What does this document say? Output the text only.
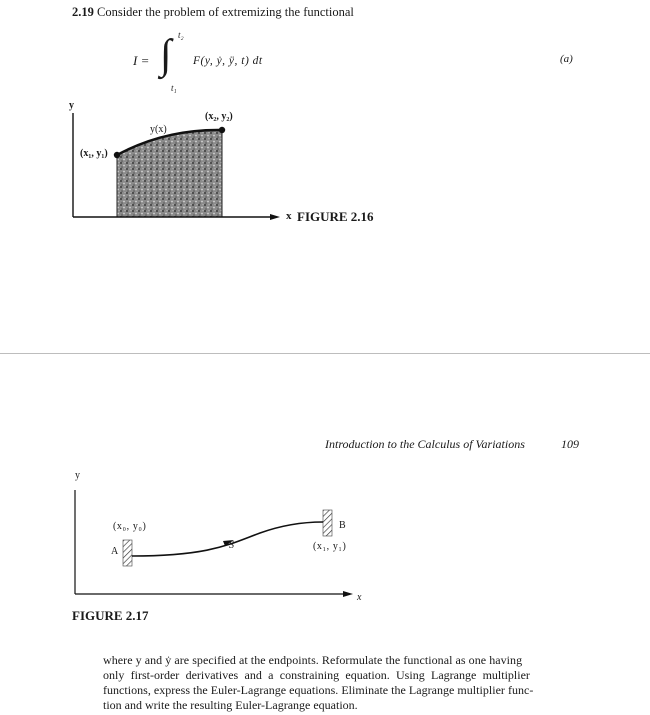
2.19 Consider the problem of extremizing the functional
I = ∫ t₂
t₁
F(y, ẏ, ÿ, t) dt	(a)
y
x
y(x)
(x₁, y₁)
(x₂, y₂)
FIGURE 2.16
Introduction to the Calculus of Variations	109
y
x
(x₀, y₀)
(x₁, y₁)
A
B
S
FIGURE 2.17
where y and ẏ are specified at the endpoints. Reformulate the functional as one having
only first-order derivatives and a constraining equation. Using Lagrange multiplier
functions, express the Euler-Lagrange equations. Eliminate the Lagrange multiplier func-
tion and write the resulting Euler-Lagrange equation.
